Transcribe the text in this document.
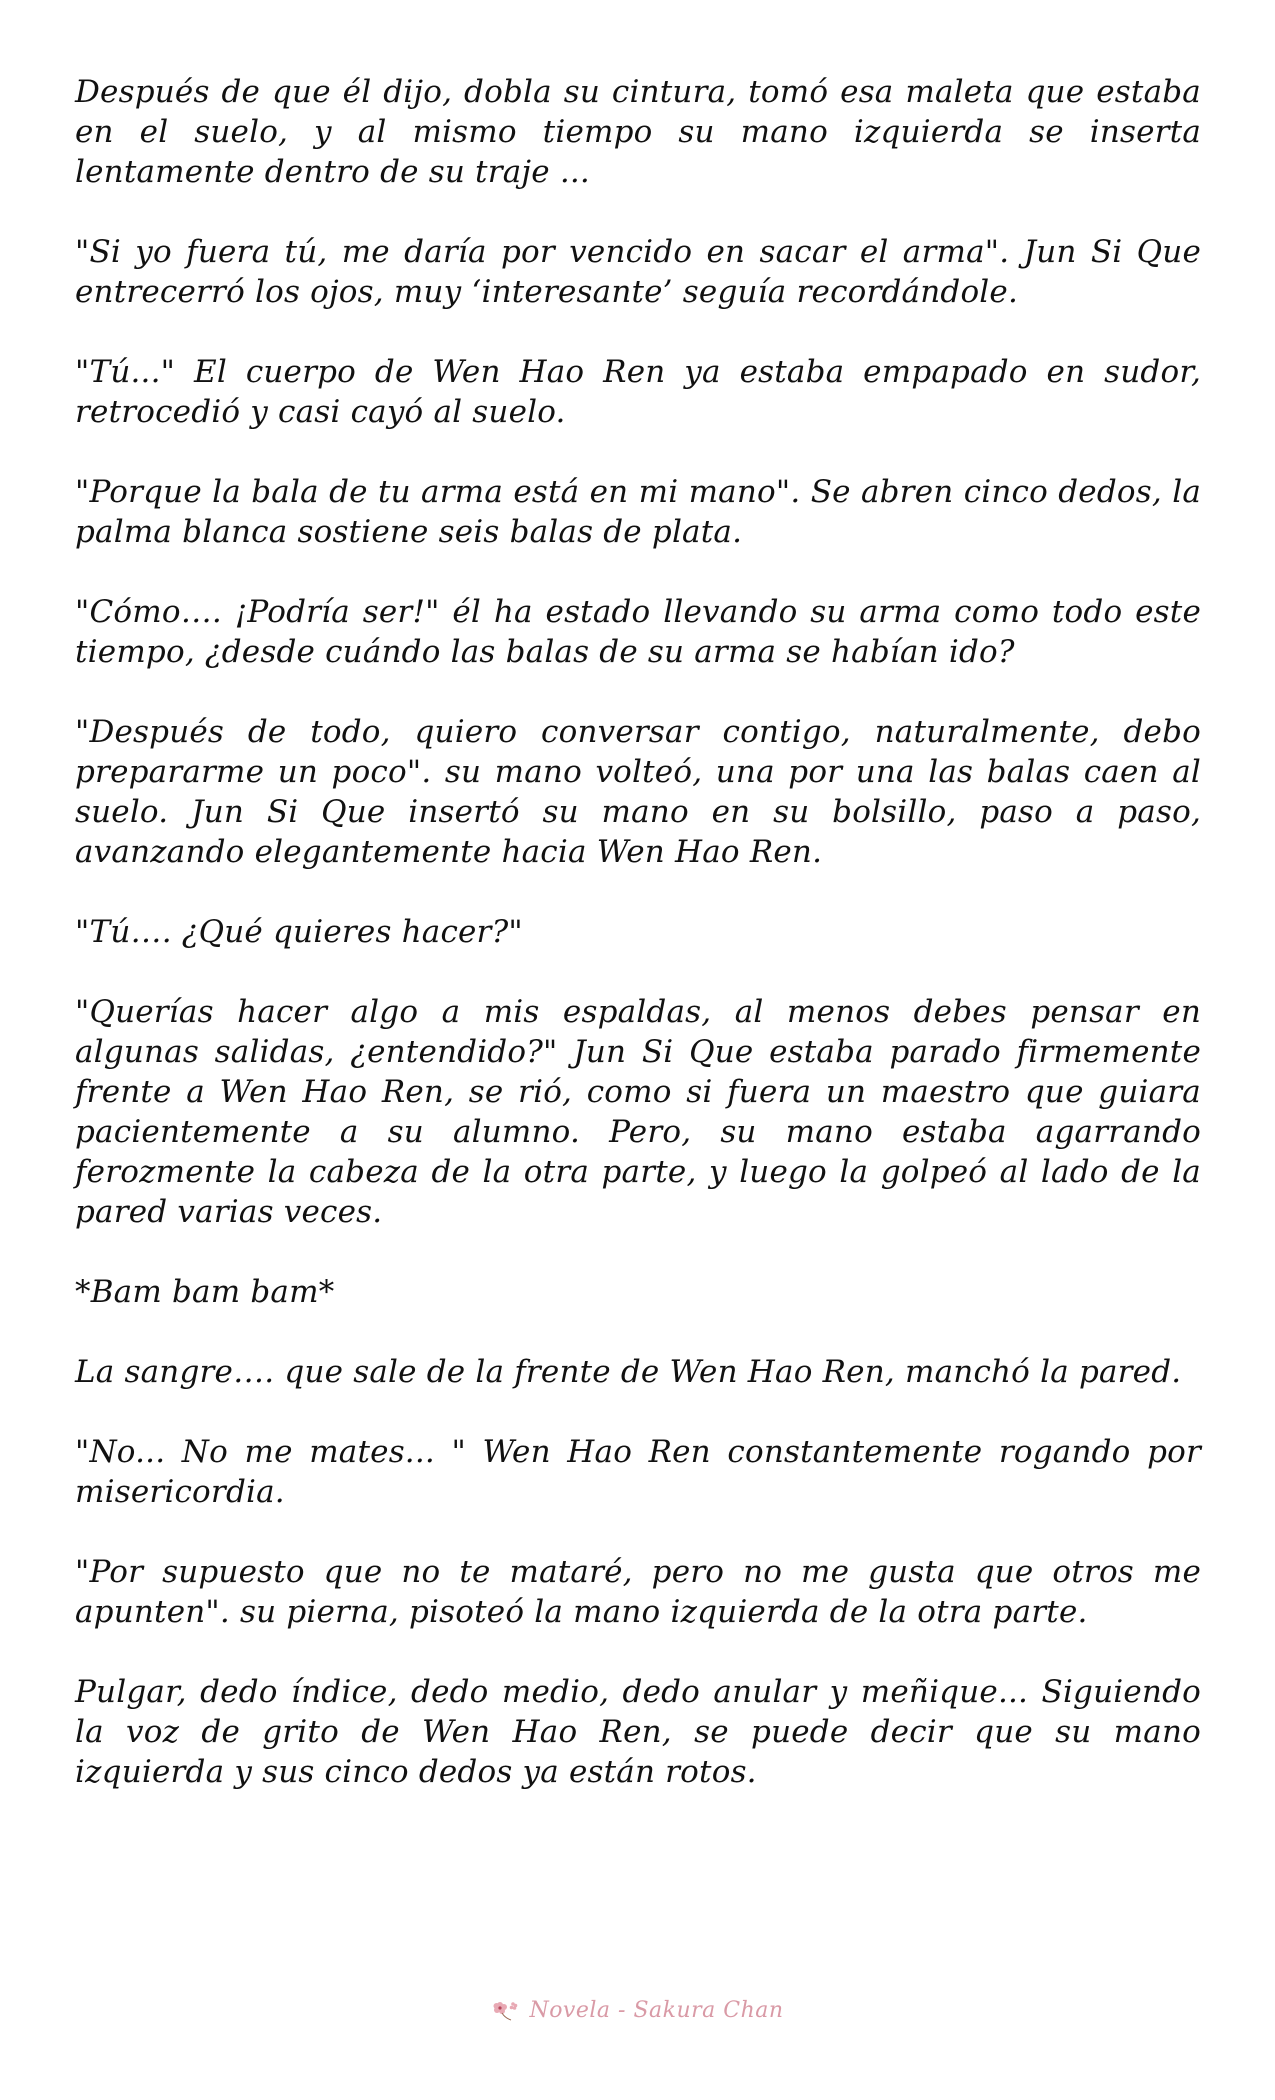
Después de que él dijo, dobla su cintura, tomó esa maleta que estaba en el suelo, y al mismo tiempo su mano izquierda se inserta lentamente dentro de su traje ...

"Si yo fuera tú, me daría por vencido en sacar el arma". Jun Si Que entrecerró los ojos, muy ‘interesante’ seguía recordándole.

"Tú..." El cuerpo de Wen Hao Ren ya estaba empapado en sudor, retrocedió y casi cayó al suelo.

"Porque la bala de tu arma está en mi mano". Se abren cinco dedos, la palma blanca sostiene seis balas de plata.

"Cómo…. ¡Podría ser!" él ha estado llevando su arma como todo este tiempo, ¿desde cuándo las balas de su arma se habían ido?

"Después de todo, quiero conversar contigo, naturalmente, debo prepararme un poco". su mano volteó, una por una las balas caen al suelo. Jun Si Que insertó su mano en su bolsillo, paso a paso, avanzando elegantemente hacia Wen Hao Ren.

"Tú…. ¿Qué quieres hacer?"

"Querías hacer algo a mis espaldas, al menos debes pensar en algunas salidas, ¿entendido?" Jun Si Que estaba parado firmemente frente a Wen Hao Ren, se rió, como si fuera un maestro que guiara pacientemente a su alumno. Pero, su mano estaba agarrando ferozmente la cabeza de la otra parte, y luego la golpeó al lado de la pared varias veces.

*Bam bam bam*

La sangre…. que sale de la frente de Wen Hao Ren, manchó la pared.

"No... No me mates... " Wen Hao Ren constantemente rogando por misericordia.

"Por supuesto que no te mataré, pero no me gusta que otros me apunten". su pierna, pisoteó la mano izquierda de la otra parte.

Pulgar, dedo índice, dedo medio, dedo anular y meñique... Siguiendo la voz de grito de Wen Hao Ren, se puede decir que su mano izquierda y sus cinco dedos ya están rotos.

Novela - Sakura Chan
